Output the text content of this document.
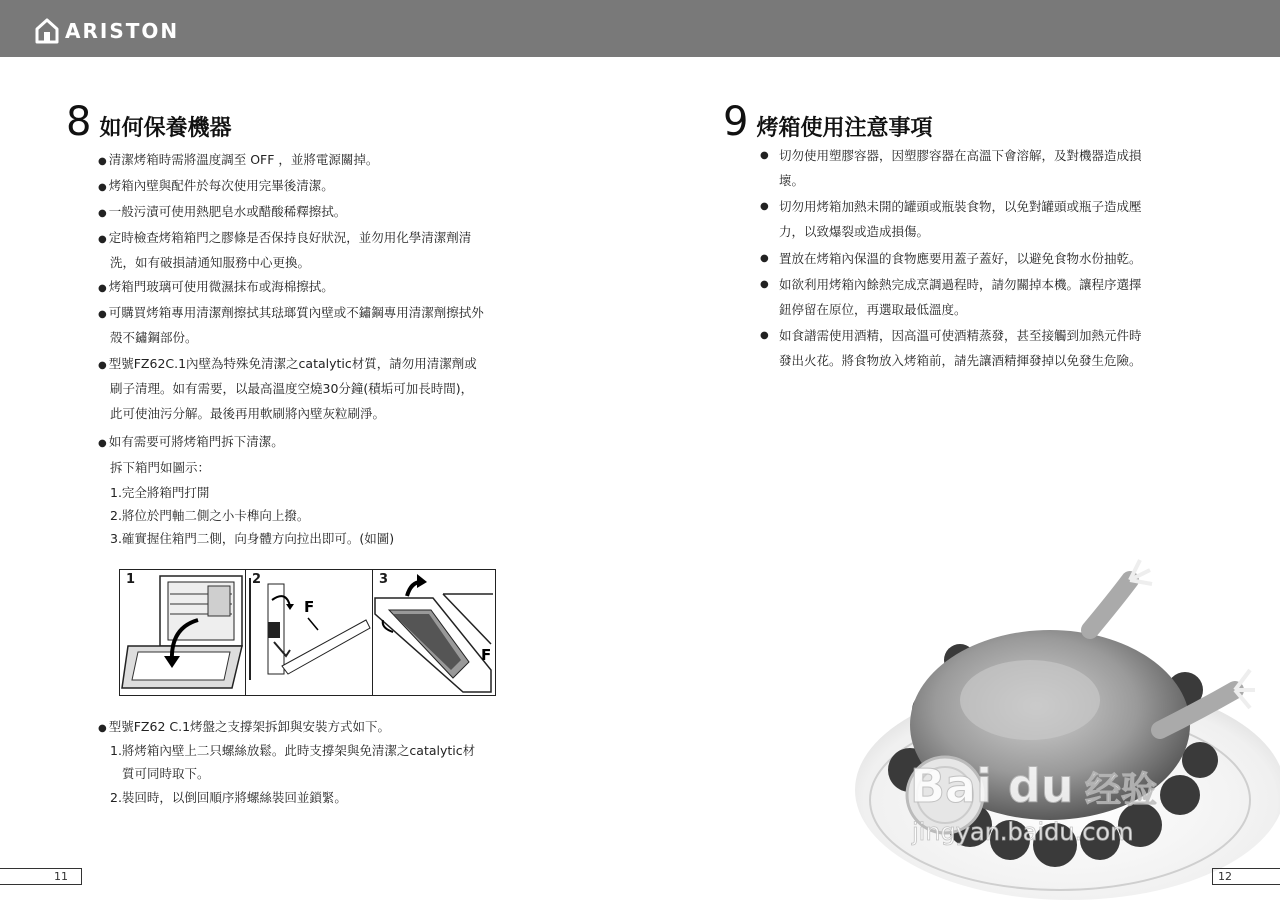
ARISTON
8 如何保養機器
● 清潔烤箱時需將溫度調至 OFF ，並將電源關掉。
● 烤箱內壁與配件於每次使用完畢後清潔。
● 一般污漬可使用熱肥皂水或醋酸稀釋擦拭。
● 定時檢查烤箱箱門之膠條是否保持良好狀況，並勿用化學清潔劑清
洗，如有破損請通知服務中心更換。
● 烤箱門玻璃可使用微濕抹布或海棉擦拭。
● 可購買烤箱專用清潔劑擦拭其琺瑯質內壁或不鏽鋼專用清潔劑擦拭外
殼不鏽鋼部份。
● 型號FZ62C.1內壁為特殊免清潔之catalytic材質，請勿用清潔劑或
刷子清理。如有需要，以最高溫度空燒30分鐘(積垢可加長時間)，
此可使油污分解。最後再用軟刷將內壁灰粒刷淨。
● 如有需要可將烤箱門拆下清潔。
拆下箱門如圖示：
1.完全將箱門打開
2.將位於門軸二側之小卡榫向上撥。
3.確實握住箱門二側，向身體方向拉出即可。(如圖)
1	2
F
3
F
● 型號FZ62 C.1烤盤之支撐架拆卸與安裝方式如下。
1.將烤箱內壁上二只螺絲放鬆。此時支撐架與免清潔之catalytic材
質可同時取下。
2.裝回時，以倒回順序將螺絲裝回並鎖緊。
11
9 烤箱使用注意事項
● 切勿使用塑膠容器，因塑膠容器在高溫下會溶解，及對機器造成損
壞。
● 切勿用烤箱加熱未開的罐頭或瓶裝食物，以免對罐頭或瓶子造成壓
力，以致爆裂或造成損傷。
● 置放在烤箱內保溫的食物應要用蓋子蓋好，以避免食物水份抽乾。
● 如欲利用烤箱內餘熱完成烹調過程時，請勿關掉本機。讓程序選擇
鈕停留在原位，再選取最低溫度。
● 如食譜需使用酒精，因高溫可使酒精蒸發，甚至接觸到加熱元件時
發出火花。將食物放入烤箱前，請先讓酒精揮發掉以免發生危險。
Bai du 经验
jingyan.baidu.com
12
